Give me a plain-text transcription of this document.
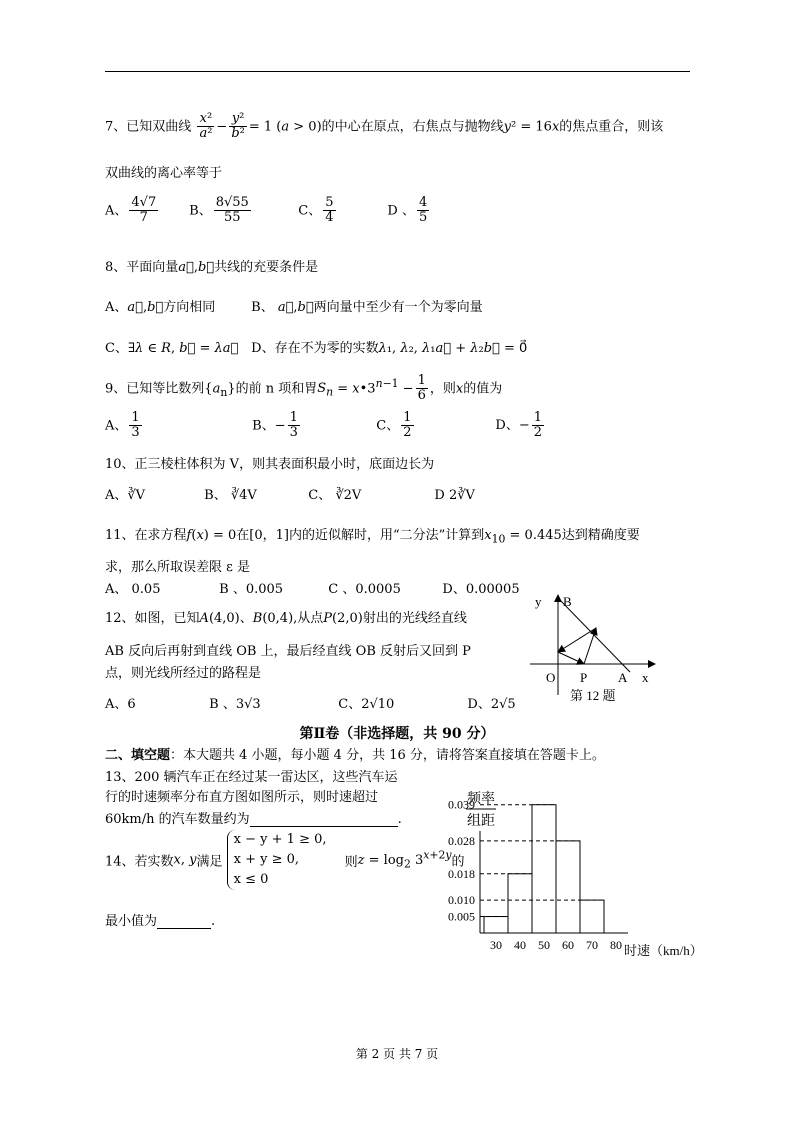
7、已知双曲线 $\frac{\text{x²}}{\text{a²}} - \frac{\text{y²}}{\text{b²}} = 1$ (a > 0)的中心在原点，右焦点与抛物线y² = 16x的焦点重合，则该
双曲线的离心率等于
A、 $\frac{4√7}{7}$ B、 $\frac{8√55}{55}$	C、 $\frac{5}{4}$	D 、 $\frac{4}{5}$
8、平面向量a⃗,b⃗共线的充要条件是
A、a⃗,b⃗方向相同	B、 a⃗,b⃗两向量中至少有一个为零向量
C、∃λ ∈ R, b⃗ = λa⃗ D、存在不为零的实数λ₁, λ₂, λ₁a⃗ + λ₂b⃗ = 0⃗
9、已知等比数列$\{a_n\}$的前 n 项和胃$S_n$ = $x•3^{n-1} - \frac{1}{6}$ ，则x的值为
A、 $\frac{1}{3}$	B、− $\frac{1}{3}$	C、 $\frac{1}{2}$	D、− $\frac{1}{2}$
10、正三棱柱体积为 V，则其表面积最小时，底面边长为
A、∛V	B、 ∛4V	C、 ∛2V	D 2∛V
11、在求方程f(x) = 0在[0，1]内的近似解时，用“二分法”计算到$x_{10} = 0.445$达到精确度要
求，那么所取误差限 ε 是
A、 0.05	B 、0.005	C 、0.0005	D、0.00005
12、如图，已知A(4,0)、B(0,4),从点P(2,0)射出的光线经直线
AB 反向后再射到直线 OB 上，最后经直线 OB 反射后又回到 P
点，则光线所经过的路程是
A、6	B 、3√3	C、2√10	D、2√5
y B
O P A x
第 12 题
第Ⅱ卷（非选择题，共 90 分）
二、填空题：本大题共 4 小题，每小题 4 分，共 16 分，请将答案直接填在答题卡上。
13、200 辆汽车正在经过某一雷达区，这些汽车运
行的时速频率分布直方图如图所示，则时速超过
60km/h 的汽车数量约为	.
14、若实数x, y满足
x − y + 1 ≥ 0,
x + y ≥ 0,
x ≤ 0
则$z = \log_2 3^{x+2y}$的
最小值为	.
0.039
0.028
0.018
0.010
0.005
30 40 50 60 70 80
频率
组距
时速（km/h）
第 2 页 共 7 页
